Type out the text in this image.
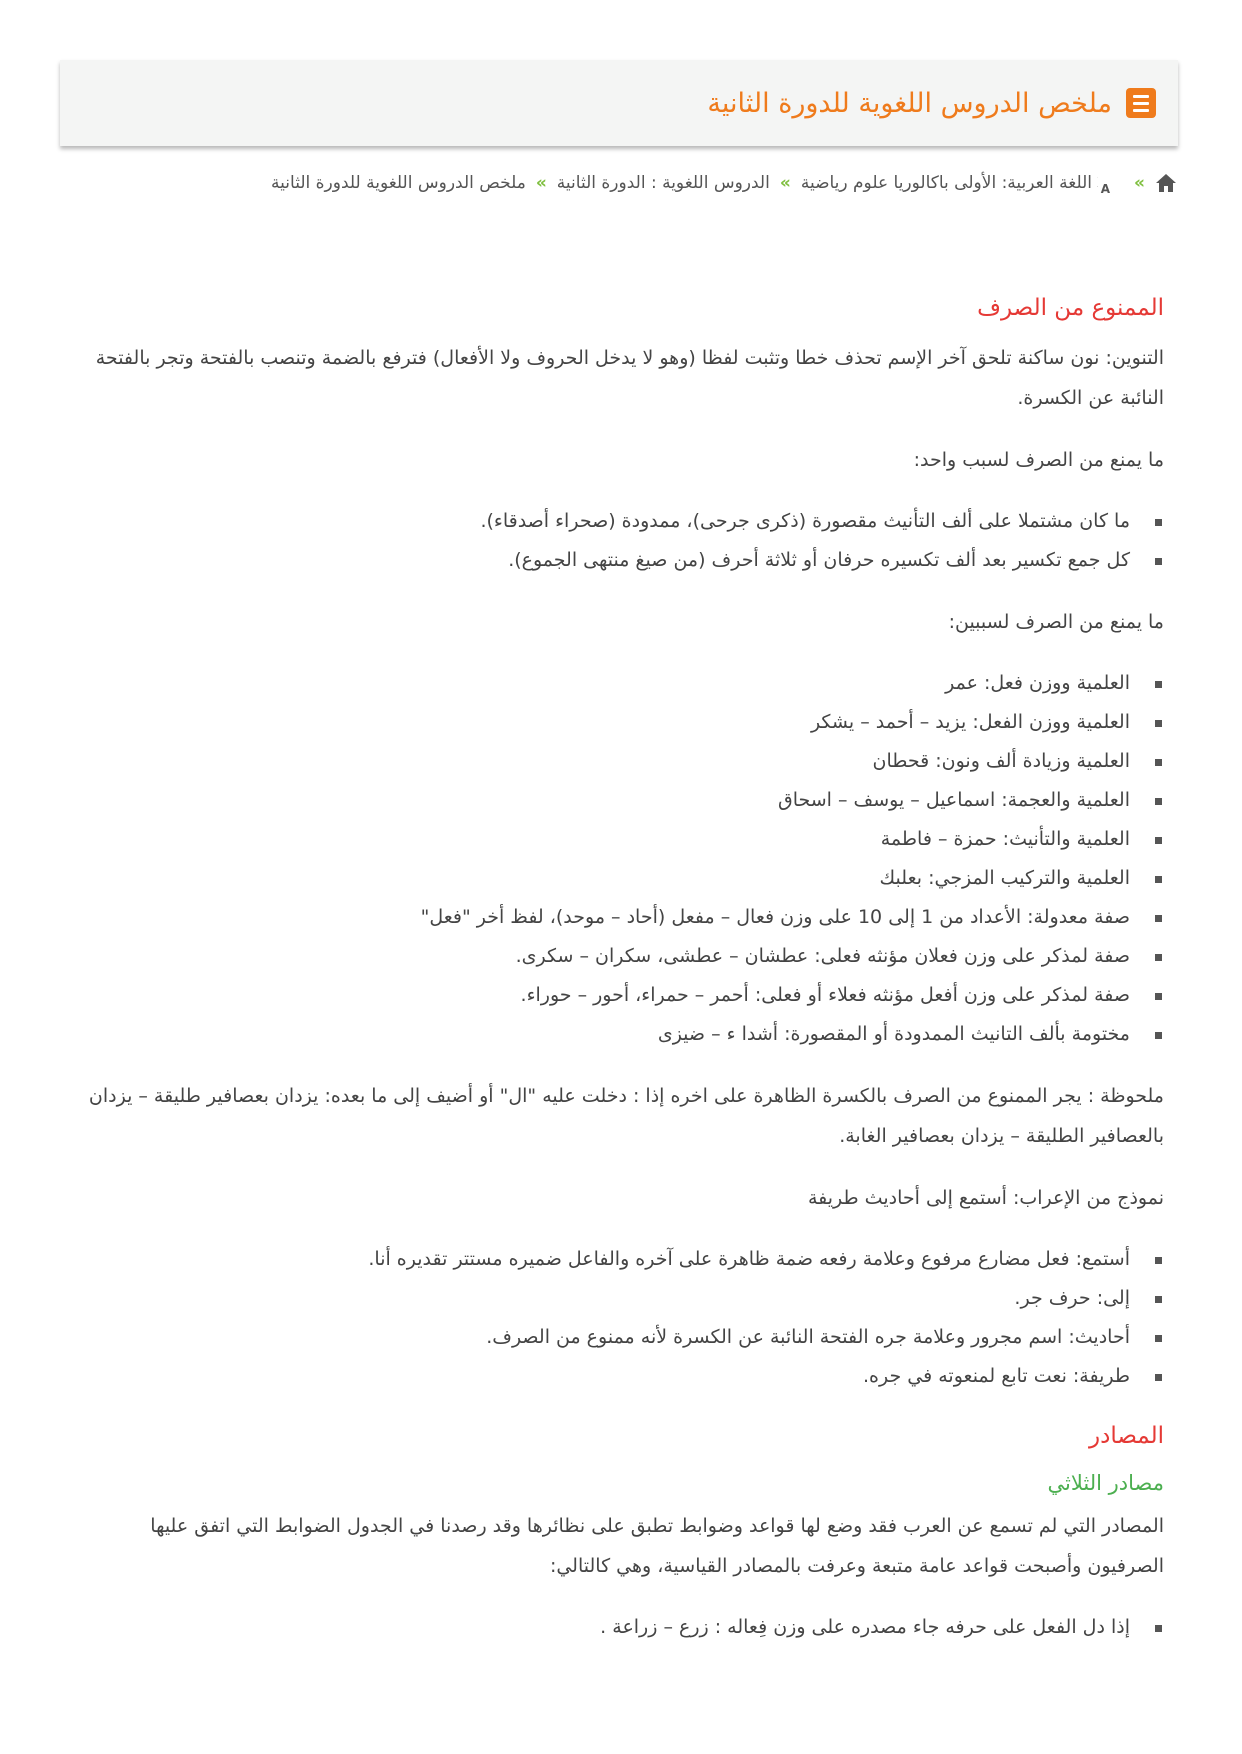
ملخص الدروس اللغوية للدورة الثانية
»
A
اللغة العربية: الأولى باكالوريا علوم رياضية
»
الدروس اللغوية : الدورة الثانية
»
ملخص الدروس اللغوية للدورة الثانية
الممنوع من الصرف

التنوين: نون ساكنة تلحق آخر الإسم تحذف خطا وتثبت لفظا (وهو لا يدخل الحروف ولا الأفعال) فترفع بالضمة وتنصب بالفتحة وتجر بالفتحة النائبة عن الكسرة.

ما يمنع من الصرف لسبب واحد:

ما كان مشتملا على ألف التأنيث مقصورة (ذكرى جرحى)، ممدودة (صحراء أصدقاء).
كل جمع تكسير بعد ألف تكسيره حرفان أو ثلاثة أحرف (من صيغ منتهى الجموع).

ما يمنع من الصرف لسببين:

العلمية ووزن فعل: عمر
العلمية ووزن الفعل: يزيد – أحمد – يشكر
العلمية وزيادة ألف ونون: قحطان
العلمية والعجمة: اسماعيل – يوسف – اسحاق
العلمية والتأنيث: حمزة – فاطمة
العلمية والتركيب المزجي: بعلبك
صفة معدولة: الأعداد من 1 إلى 10 على وزن فعال – مفعل (أحاد – موحد)، لفظ أخر "فعل"
صفة لمذكر على وزن فعلان مؤنثه فعلى: عطشان – عطشى، سكران – سكرى.
صفة لمذكر على وزن أفعل مؤنثه فعلاء أو فعلى: أحمر – حمراء، أحور – حوراء.
مختومة بألف التانيث الممدودة أو المقصورة: أشدا ء – ضيزى

ملحوظة : يجر الممنوع من الصرف بالكسرة الظاهرة على اخره إذا : دخلت عليه "ال" أو أضيف إلى ما بعده: يزدان بعصافير طليقة – يزدان بالعصافير الطليقة – يزدان بعصافير الغابة.

نموذج من الإعراب: أستمع إلى أحاديث طريفة

أستمع: فعل مضارع مرفوع وعلامة رفعه ضمة ظاهرة على آخره والفاعل ضميره مستتر تقديره أنا.
إلى: حرف جر.
أحاديث: اسم مجرور وعلامة جره الفتحة النائبة عن الكسرة لأنه ممنوع من الصرف.
طريفة: نعت تابع لمنعوته في جره.
المصادر
مصادر الثلاثي

المصادر التي لم تسمع عن العرب فقد وضع لها قواعد وضوابط تطبق على نظائرها وقد رصدنا في الجدول الضوابط التي اتفق عليها الصرفيون وأصبحت قواعد عامة متبعة وعرفت بالمصادر القياسية، وهي كالتالي:

إذا دل الفعل على حرفه جاء مصدره على وزن فِعاله : زرع – زراعة .
